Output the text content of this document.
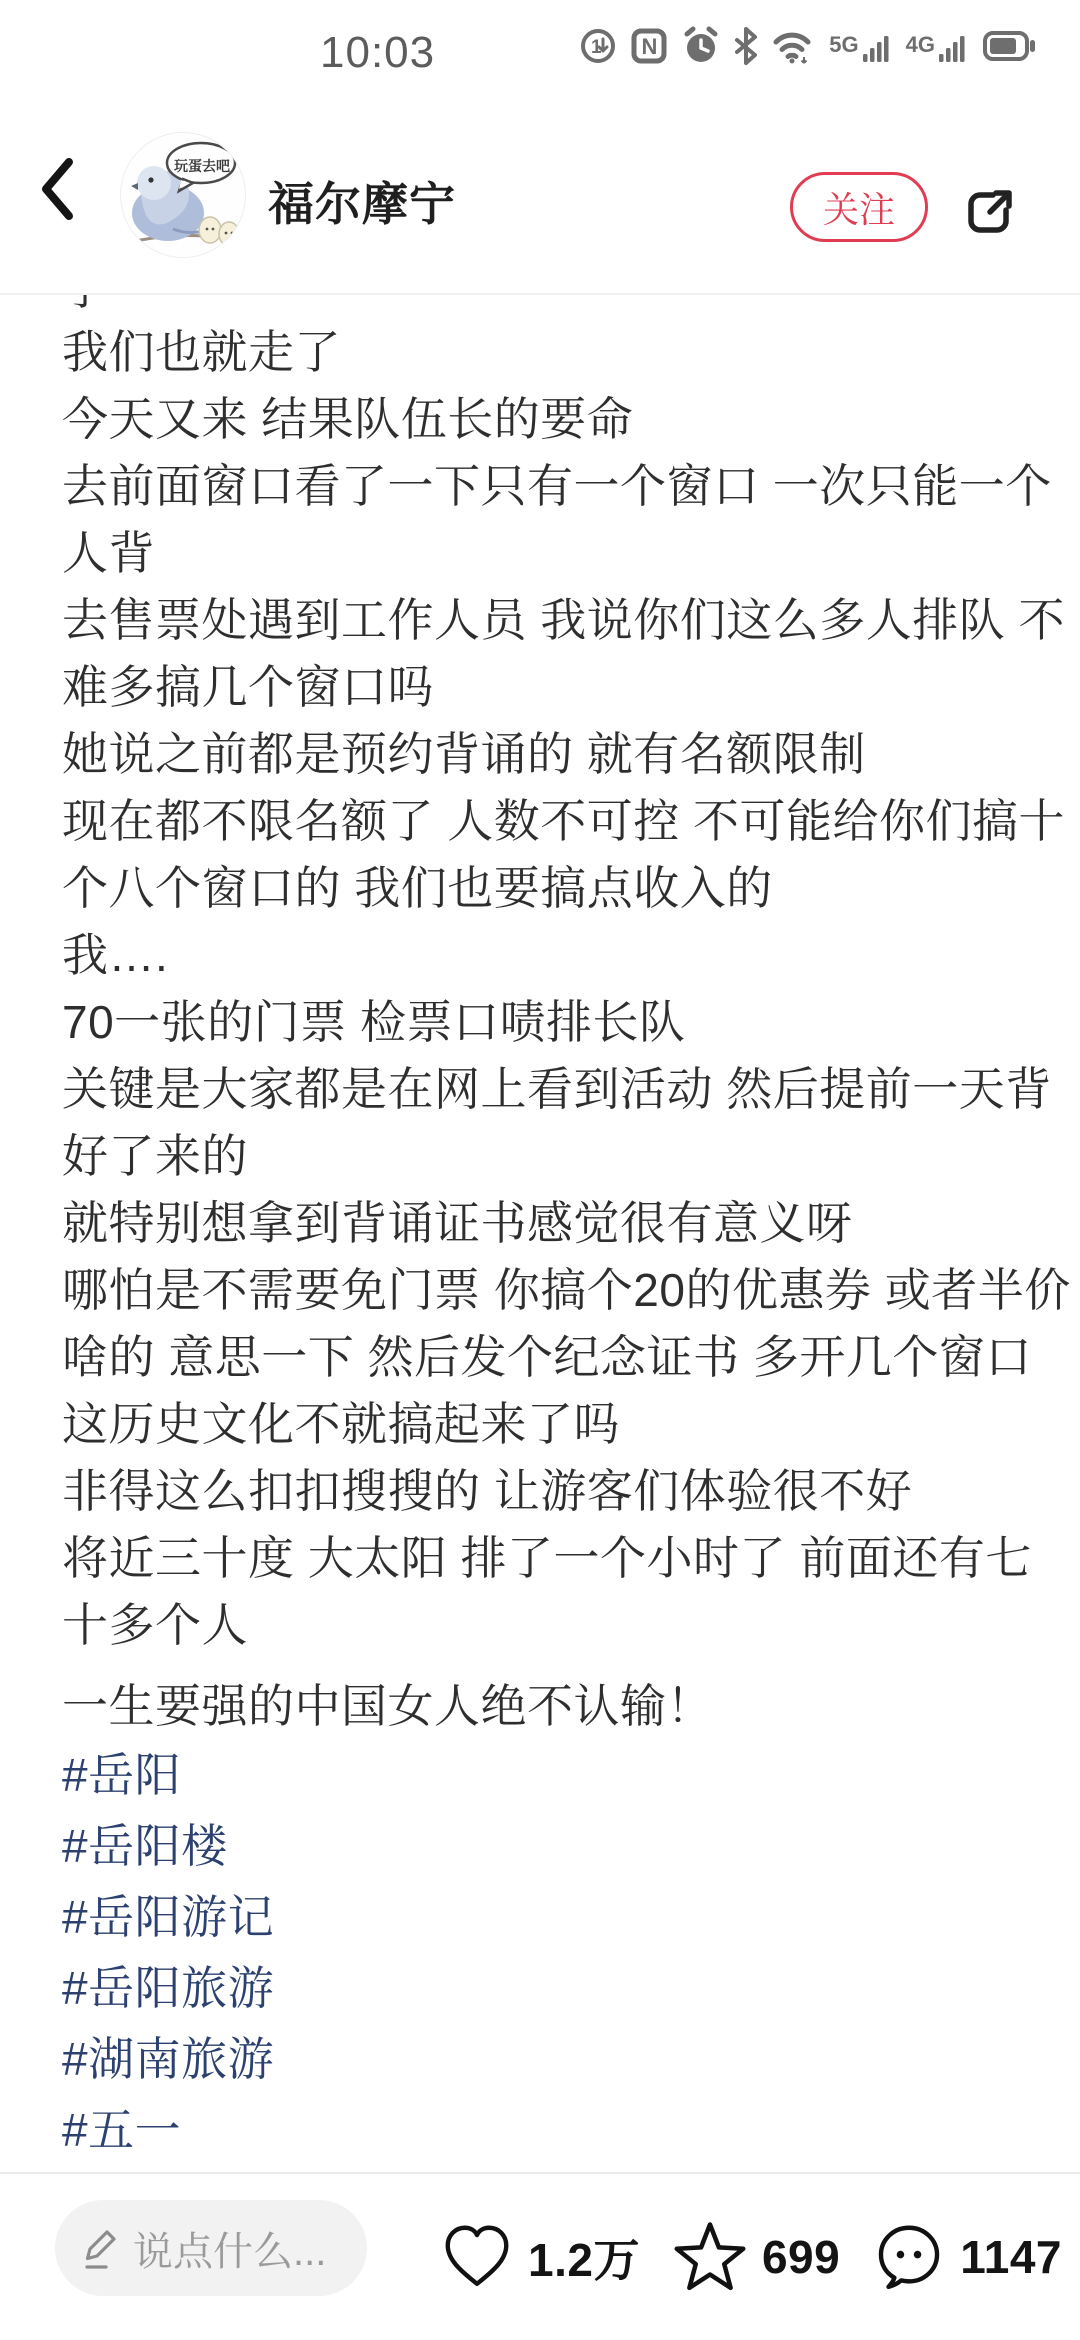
10:03	1 N	5G 4G
玩蛋去吧
福尔摩宁	关注
我们也就走了
今天又来 结果队伍长的要命
去前面窗口看了一下只有一个窗口 一次只能一个
人背
去售票处遇到工作人员 我说你们这么多人排队 不
难多搞几个窗口吗
她说之前都是预约背诵的 就有名额限制
现在都不限名额了 人数不可控 不可能给你们搞十
个八个窗口的 我们也要搞点收入的
我….
70一张的门票 检票口啧排长队
关键是大家都是在网上看到活动 然后提前一天背
好了来的
就特别想拿到背诵证书感觉很有意义呀
哪怕是不需要免门票 你搞个20的优惠券 或者半价
啥的 意思一下 然后发个纪念证书 多开几个窗口
这历史文化不就搞起来了吗
非得这么扣扣搜搜的 让游客们体验很不好
将近三十度 大太阳 排了一个小时了 前面还有七
十多个人
一生要强的中国女人绝不认输！
#岳阳
#岳阳楼
#岳阳游记
#岳阳旅游
#湖南旅游
#五一
说点什么...	1.2万	699	1147
